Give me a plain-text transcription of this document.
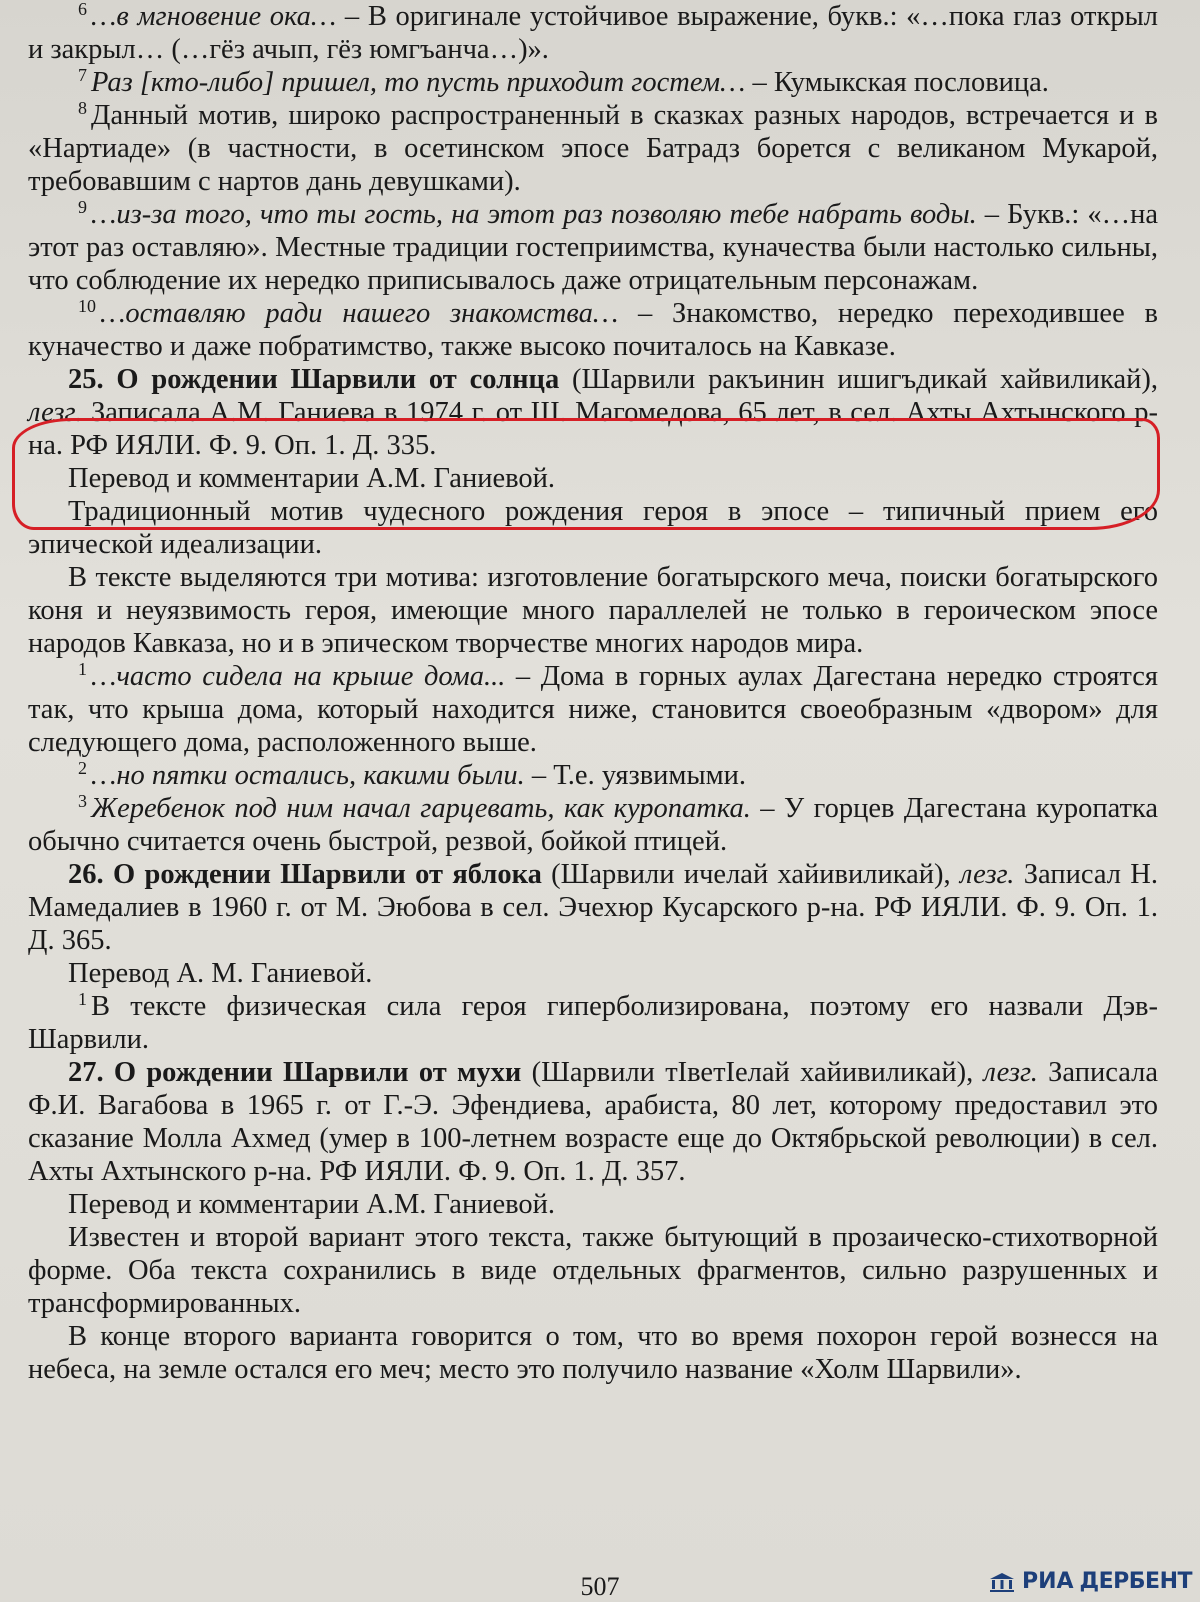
$^6$ …в мгновение ока… – В оригинале устойчивое выражение, букв.: «…пока глаз открыл и закрыл… (…гёз ачып, гёз юмгъанча…)».

$^7$ Раз [кто-либо] пришел, то пусть приходит гостем… – Кумыкская пословица.

$^8$ Данный мотив, широко распространенный в сказках разных народов, встречается и в «Нартиаде» (в частности, в осетинском эпосе Батрадз борется с великаном Мукарой, требовавшим с нартов дань девушками).

$^9$ …из-за того, что ты гость, на этот раз позволяю тебе набрать воды. – Букв.: «…на этот раз оставляю». Местные традиции гостеприимства, куначества были настолько сильны, что соблюдение их нередко приписывалось даже отрицательным персонажам.

$^{10}$ …оставляю ради нашего знакомства… – Знакомство, нередко переходившее в куначество и даже побратимство, также высоко почиталось на Кавказе.

25. О рождении Шарвили от солнца (Шарвили ракъинин ишигъдикай хайвиликай), лезг. Записала А.М. Ганиева в 1974 г. от Ш. Магомедова, 65 лет, в сел. Ахты Ахтынского р-на. РФ ИЯЛИ. Ф. 9. Оп. 1. Д. 335.

Перевод и комментарии А.М. Ганиевой.

Традиционный мотив чудесного рождения героя в эпосе – типичный прием его эпической идеализации.

В тексте выделяются три мотива: изготовление богатырского меча, поиски богатырского коня и неуязвимость героя, имеющие много параллелей не только в героическом эпосе народов Кавказа, но и в эпическом творчестве многих народов мира.

$^1$ …часто сидела на крыше дома... – Дома в горных аулах Дагестана нередко строятся так, что крыша дома, который находится ниже, становится своеобразным «двором» для следующего дома, расположенного выше.

$^2$ …но пятки остались, какими были. – Т.е. уязвимыми.

$^3$ Жеребенок под ним начал гарцевать, как куропатка. – У горцев Дагестана куропатка обычно считается очень быстрой, резвой, бойкой птицей.

26. О рождении Шарвили от яблока (Шарвили ичелай хайивиликай), лезг. Записал Н. Мамедалиев в 1960 г. от М. Эюбова в сел. Эчехюр Кусарского р-на. РФ ИЯЛИ. Ф. 9. Оп. 1. Д. 365.

Перевод А. М. Ганиевой.

$^1$ В тексте физическая сила героя гиперболизирована, поэтому его назвали Дэв-Шарвили.

27. О рождении Шарвили от мухи (Шарвили тIветIелай хайивиликай), лезг. Записала Ф.И. Вагабова в 1965 г. от Г.-Э. Эфендиева, арабиста, 80 лет, которому предоставил это сказание Молла Ахмед (умер в 100-летнем возрасте еще до Октябрьской революции) в сел. Ахты Ахтынского р-на. РФ ИЯЛИ. Ф. 9. Оп. 1. Д. 357.

Перевод и комментарии А.М. Ганиевой.

Известен и второй вариант этого текста, также бытующий в прозаическо-стихотворной форме. Оба текста сохранились в виде отдельных фрагментов, сильно разрушенных и трансформированных.

В конце второго варианта говорится о том, что во время похорон герой вознесся на небеса, на земле остался его меч; место это получило название «Холм Шарвили».

507	РИА ДЕРБЕНТ
